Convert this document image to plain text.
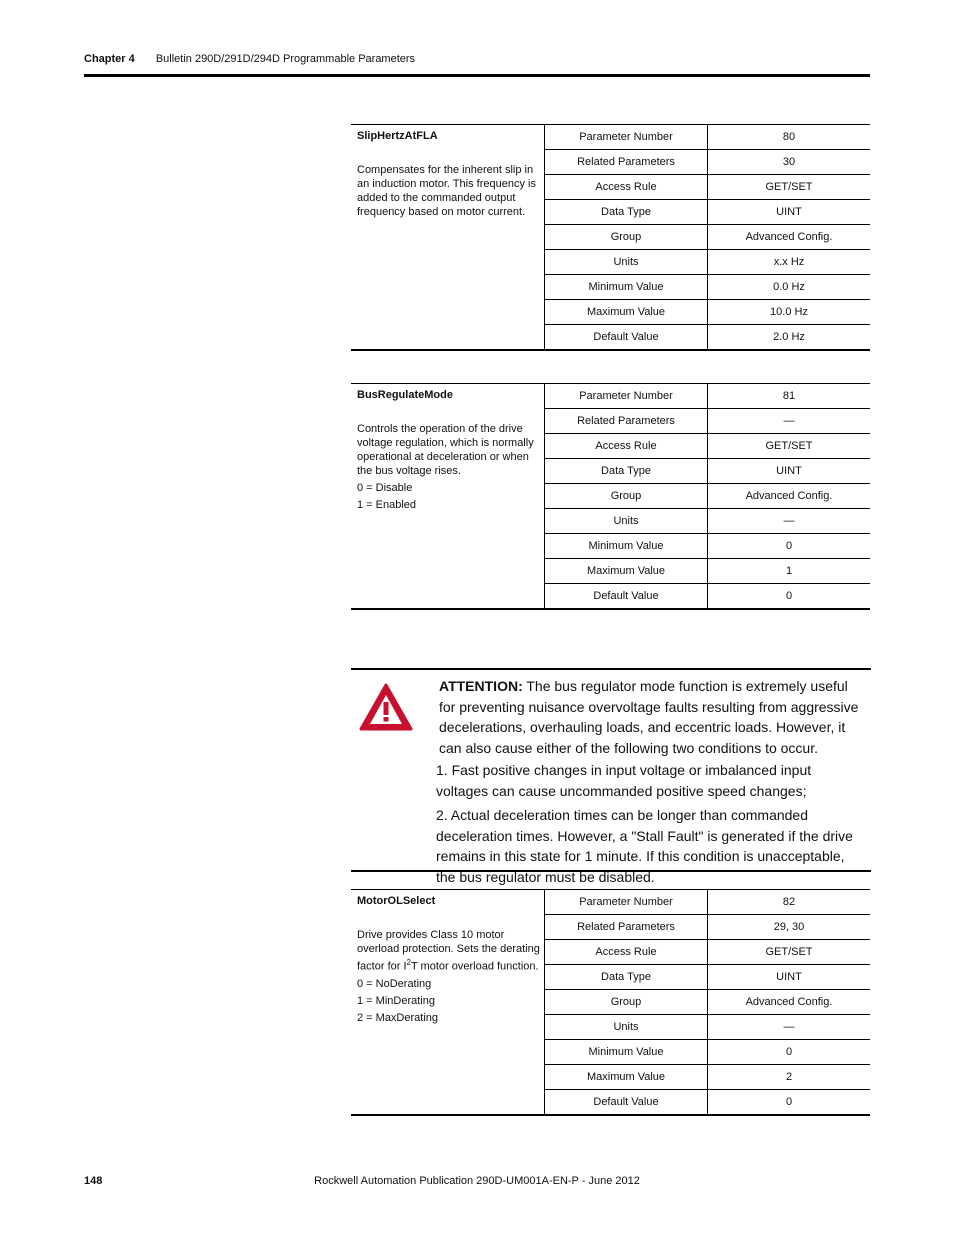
Chapter 4 Bulletin 290D/291D/294D Programmable Parameters
SlipHertzAtFLA

Compensates for the inherent slip in an induction motor. This frequency is added to the commanded output frequency based on motor current.

Parameter Number	80
Related Parameters	30
Access Rule	GET/SET
Data Type	UINT
Group	Advanced Config.
Units	x.x Hz
Minimum Value	0.0 Hz
Maximum Value	10.0 Hz
Default Value	2.0 Hz
BusRegulateMode

Controls the operation of the drive voltage regulation, which is normally operational at deceleration or when the bus voltage rises.

0 = Disable

1 = Enabled

Parameter Number	81
Related Parameters	—
Access Rule	GET/SET
Data Type	UINT
Group	Advanced Config.
Units	—
Minimum Value	0
Maximum Value	1
Default Value	0

ATTENTION: The bus regulator mode function is extremely useful for preventing nuisance overvoltage faults resulting from aggressive decelerations, overhauling loads, and eccentric loads. However, it can also cause either of the following two conditions to occur.

1. Fast positive changes in input voltage or imbalanced input voltages can cause uncommanded positive speed changes;

2. Actual deceleration times can be longer than commanded deceleration times. However, a "Stall Fault" is generated if the drive remains in this state for 1 minute. If this condition is unacceptable, the bus regulator must be disabled.

MotorOLSelect

Drive provides Class 10 motor overload protection. Sets the derating factor for $I^2T$ motor overload function.

0 = NoDerating

1 = MinDerating

2 = MaxDerating

Parameter Number	82
Related Parameters	29, 30
Access Rule	GET/SET
Data Type	UINT
Group	Advanced Config.
Units	—
Minimum Value	0
Maximum Value	2
Default Value	0
148	Rockwell Automation Publication 290D-UM001A-EN-P - June 2012
